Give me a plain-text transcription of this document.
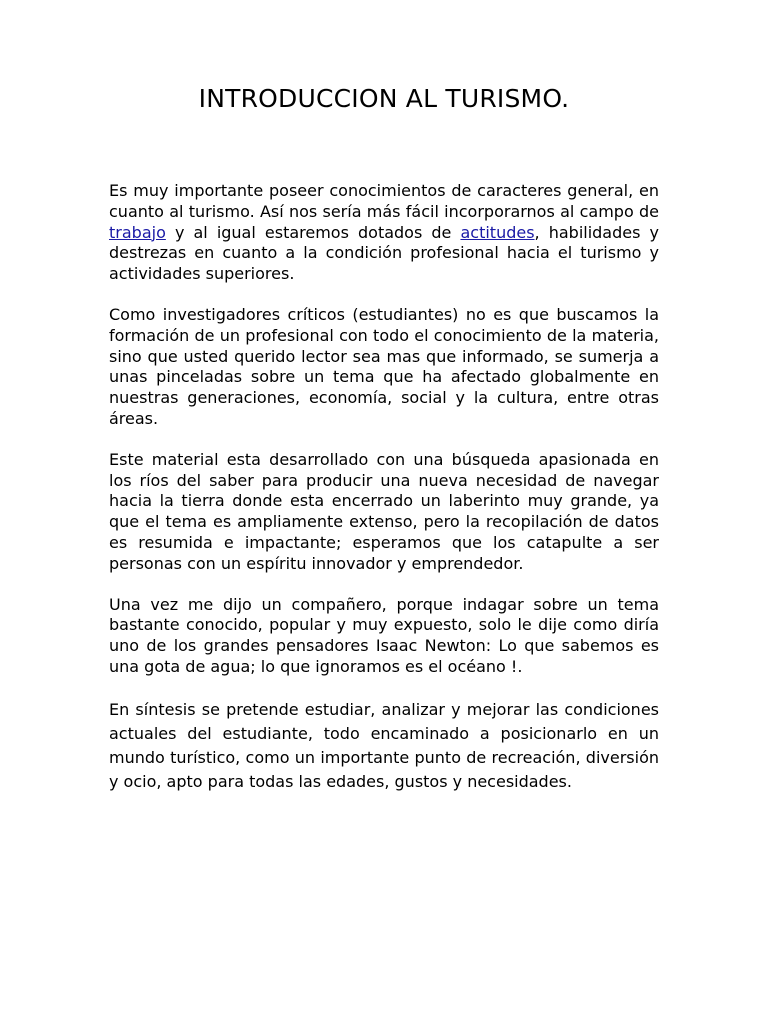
INTRODUCCION AL TURISMO.

Es muy importante poseer conocimientos de caracteres general, en cuanto al turismo. Así nos sería más fácil incorporarnos al campo de trabajo y al igual estaremos dotados de actitudes, habilidades y destrezas en cuanto a la condición profesional hacia el turismo y actividades superiores.

Como investigadores críticos (estudiantes) no es que buscamos la formación de un profesional con todo el conocimiento de la materia, sino que usted querido lector sea mas que informado, se sumerja a unas pinceladas sobre un tema que ha afectado globalmente en nuestras generaciones, economía, social y la cultura, entre otras áreas.

Este material esta desarrollado con una búsqueda apasionada en los ríos del saber para producir una nueva necesidad de navegar hacia la tierra donde esta encerrado un laberinto muy grande, ya que el tema es ampliamente extenso, pero la recopilación de datos es resumida e impactante; esperamos que los catapulte a ser personas con un espíritu innovador y emprendedor.

Una vez me dijo un compañero, porque indagar sobre un tema bastante conocido, popular y muy expuesto, solo le dije como diría uno de los grandes pensadores Isaac Newton: Lo que sabemos es una gota de agua; lo que ignoramos es el océano !.

En síntesis se pretende estudiar, analizar y mejorar las condiciones actuales del estudiante, todo encaminado a posicionarlo en un mundo turístico, como un importante punto de recreación, diversión y ocio, apto para todas las edades, gustos y necesidades.
